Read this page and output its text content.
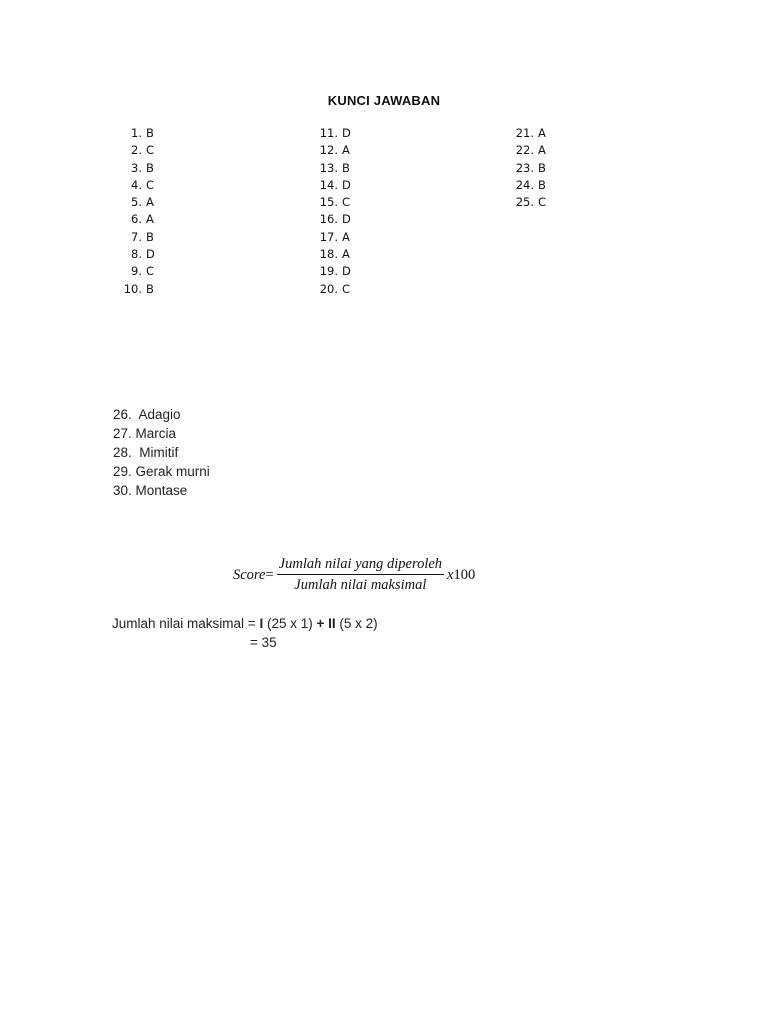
KUNCI JAWABAN
1. B
2. C
3. B
4. C
5. A
6. A
7. B
8. D
9. C
10. B
11. D
12. A
13. B
14. D
15. C
16. D
17. A
18. A
19. D
20. C
21. A
22. A
23. B
24. B
25. C
26.  Adagio
27. Marcia
28.  Mimitif
29. Gerak murni
30. Montase
Score = $\frac{\text{Jumlah nilai yang diperoleh}}{\text{Jumlah nilai maksimal}}$ x 100
Jumlah nilai maksimal = I (25 x 1) + II (5 x 2)
= 35
